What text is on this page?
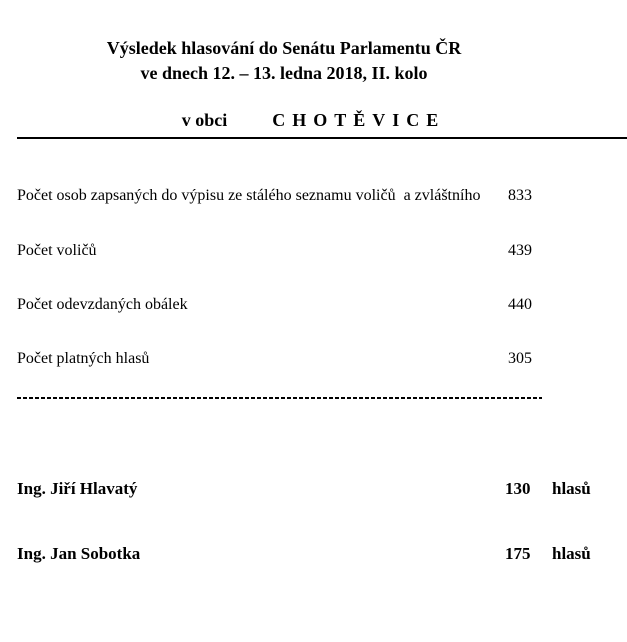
Výsledek hlasování do Senátu Parlamentu ČR
ve dnech 12. – 13. ledna 2018, II. kolo
v obci	CHOTĚVICE
Počet osob zapsaných do výpisu ze stálého seznamu voličů  a zvláštního 833
Počet voličů	439
Počet odevzdaných obálek	440
Počet platných hlasů	305
Ing. Jiří Hlavatý	130 hlasů
Ing. Jan Sobotka	175 hlasů
